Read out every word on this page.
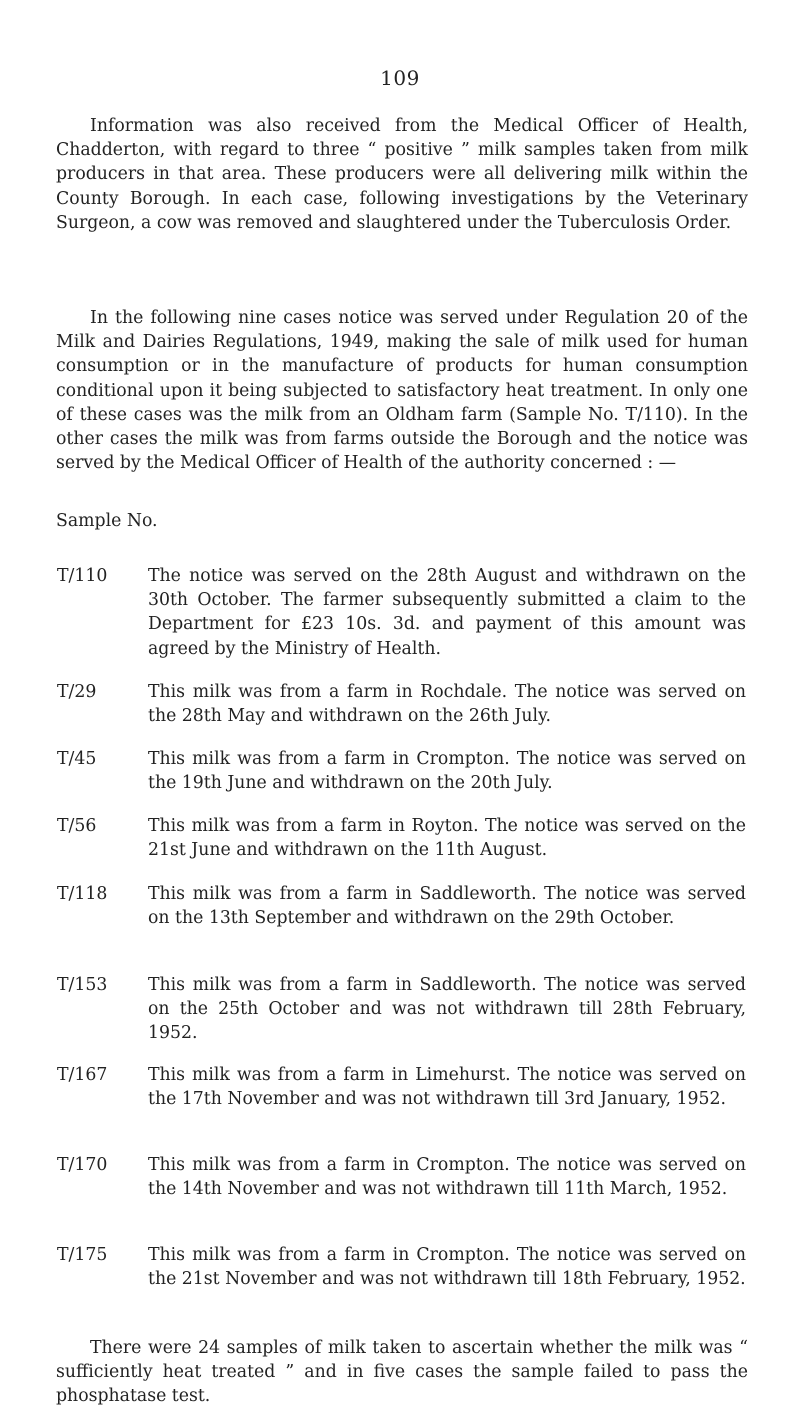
109

Information was also received from the Medical Officer of Health, Chadderton, with regard to three “ positive ” milk samples taken from milk producers in that area. These producers were all delivering milk within the County Borough. In each case, following investigations by the Veterinary Surgeon, a cow was removed and slaughtered under the Tuberculosis Order.

In the following nine cases notice was served under Regulation 20 of the Milk and Dairies Regulations, 1949, making the sale of milk used for human consumption or in the manufacture of products for human consumption conditional upon it being subjected to satisfactory heat treatment. In only one of these cases was the milk from an Oldham farm (Sample No. T/110). In the other cases the milk was from farms outside the Borough and the notice was served by the Medical Officer of Health of the authority concerned : —

Sample No.
T/110	The notice was served on the 28th August and withdrawn on the 30th October. The farmer subsequently submitted a claim to the Department for £23 10s. 3d. and payment of this amount was agreed by the Ministry of Health.

T/29	This milk was from a farm in Rochdale. The notice was served on the 28th May and withdrawn on the 26th July.

T/45	This milk was from a farm in Crompton. The notice was served on the 19th June and withdrawn on the 20th July.

T/56	This milk was from a farm in Royton. The notice was served on the 21st June and withdrawn on the 11th August.

T/118	This milk was from a farm in Saddleworth. The notice was served on the 13th September and withdrawn on the 29th October.

T/153	This milk was from a farm in Saddleworth. The notice was served on the 25th October and was not withdrawn till 28th February, 1952.

T/167	This milk was from a farm in Limehurst. The notice was served on the 17th November and was not withdrawn till 3rd January, 1952.

T/170	This milk was from a farm in Crompton. The notice was served on the 14th November and was not withdrawn till 11th March, 1952.

T/175	This milk was from a farm in Crompton. The notice was served on the 21st November and was not withdrawn till 18th February, 1952.

There were 24 samples of milk taken to ascertain whether the milk was “ sufficiently heat treated ” and in five cases the sample failed to pass the phosphatase test.
